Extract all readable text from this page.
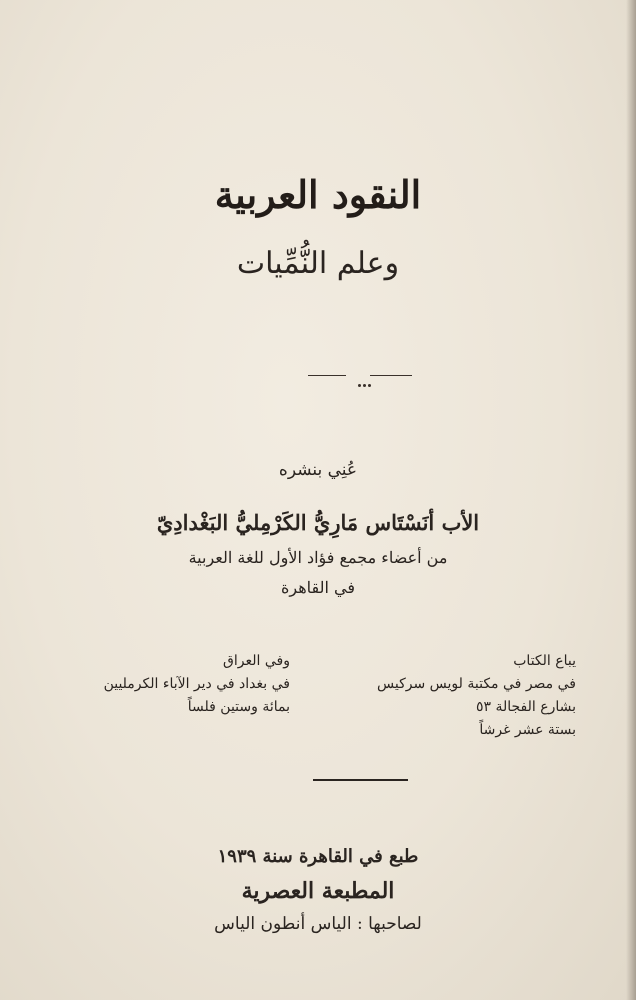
النقود العربية
وعلم النُّمِّيات
عُنِي بنشره
الأب أنَسْتَاس مَارِيُّ الكَرْمِليُّ البَغْدادِيّ
من أعضاء مجمع فؤاد الأول للغة العربية
في القاهرة
يباع الكتاب
في مصر في مكتبة لويس سركيس
بشارع الفجالة ٥٣
بستة عشر غرشاً
وفي العراق
في بغداد في دير الآباء الكرمليين
بمائة وستين فلساً
طبع في القاهرة سنة ١٩٣٩
المطبعة العصرية
لصاحبها : الياس أنطون الياس
